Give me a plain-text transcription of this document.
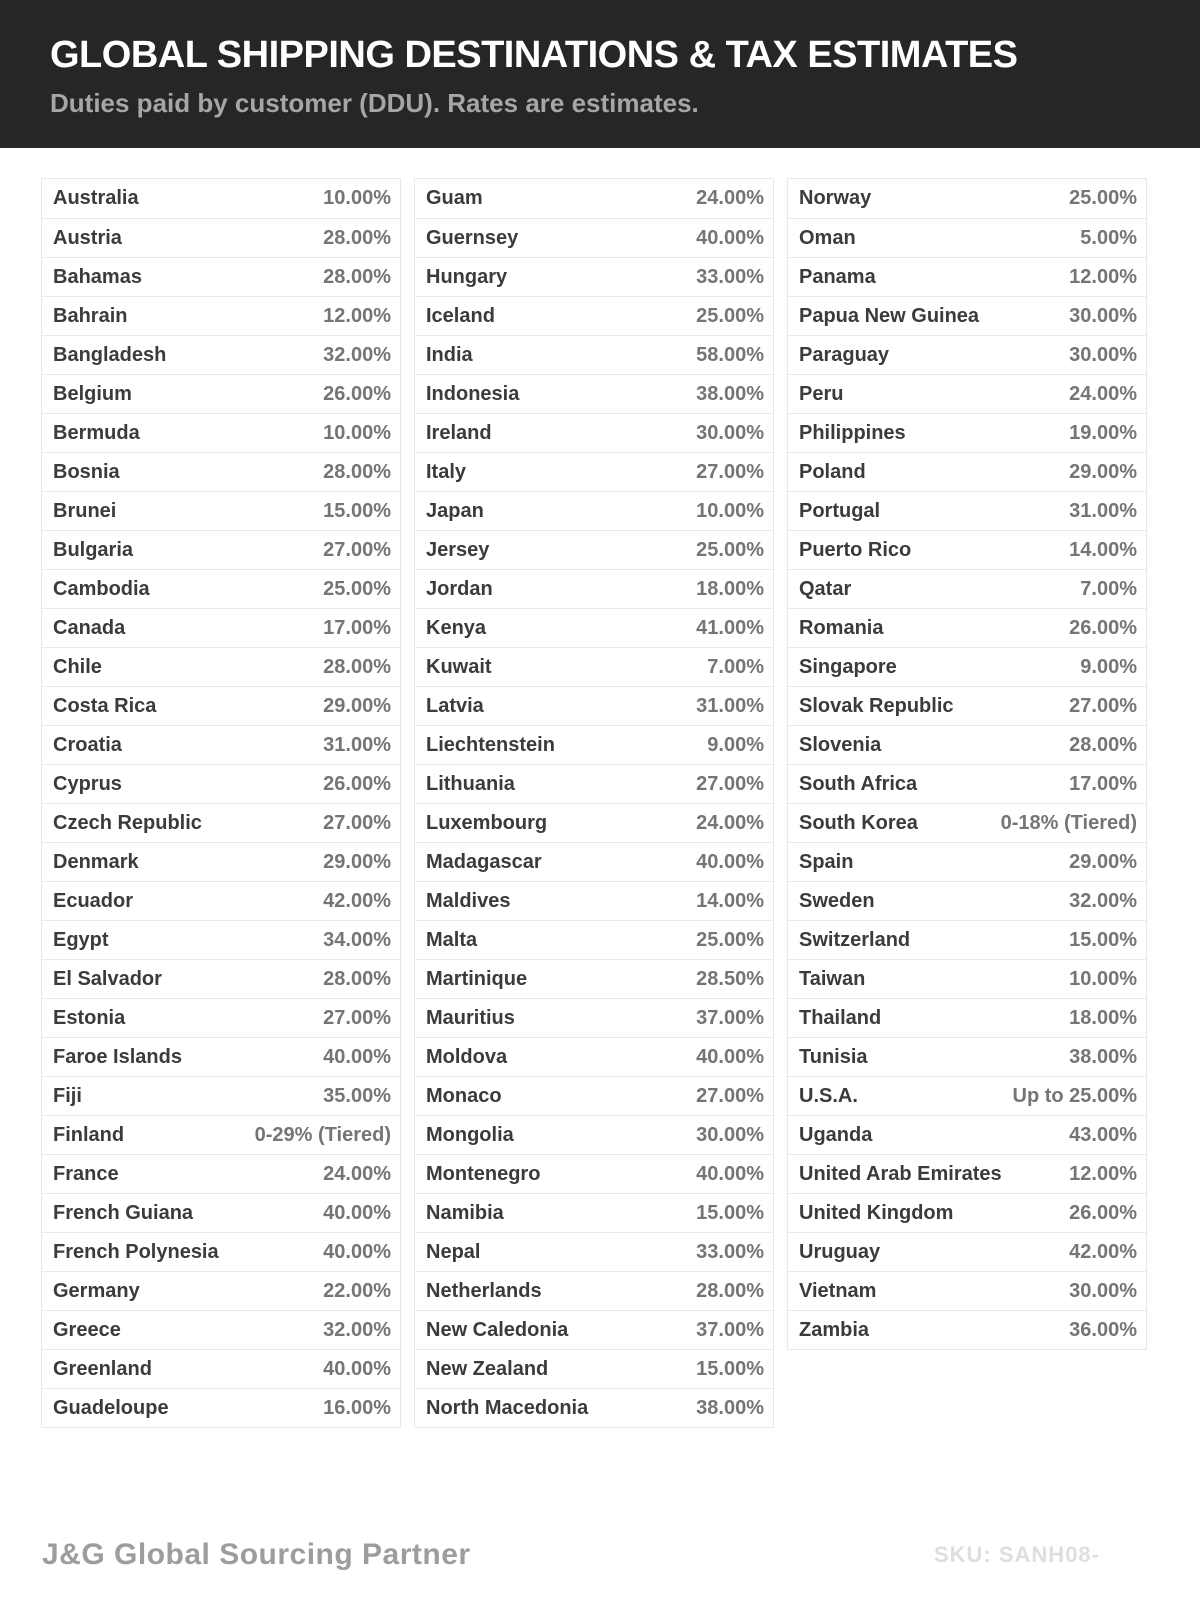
GLOBAL SHIPPING DESTINATIONS & TAX ESTIMATES
Duties paid by customer (DDU). Rates are estimates.
Australia	10.00%
Austria	28.00%
Bahamas	28.00%
Bahrain	12.00%
Bangladesh	32.00%
Belgium	26.00%
Bermuda	10.00%
Bosnia	28.00%
Brunei	15.00%
Bulgaria	27.00%
Cambodia	25.00%
Canada	17.00%
Chile	28.00%
Costa Rica	29.00%
Croatia	31.00%
Cyprus	26.00%
Czech Republic	27.00%
Denmark	29.00%
Ecuador	42.00%
Egypt	34.00%
El Salvador	28.00%
Estonia	27.00%
Faroe Islands	40.00%
Fiji	35.00%
Finland	0-29% (Tiered)
France	24.00%
French Guiana	40.00%
French Polynesia	40.00%
Germany	22.00%
Greece	32.00%
Greenland	40.00%
Guadeloupe	16.00%
Guam	24.00%
Guernsey	40.00%
Hungary	33.00%
Iceland	25.00%
India	58.00%
Indonesia	38.00%
Ireland	30.00%
Italy	27.00%
Japan	10.00%
Jersey	25.00%
Jordan	18.00%
Kenya	41.00%
Kuwait	7.00%
Latvia	31.00%
Liechtenstein	9.00%
Lithuania	27.00%
Luxembourg	24.00%
Madagascar	40.00%
Maldives	14.00%
Malta	25.00%
Martinique	28.50%
Mauritius	37.00%
Moldova	40.00%
Monaco	27.00%
Mongolia	30.00%
Montenegro	40.00%
Namibia	15.00%
Nepal	33.00%
Netherlands	28.00%
New Caledonia	37.00%
New Zealand	15.00%
North Macedonia	38.00%
Norway	25.00%
Oman	5.00%
Panama	12.00%
Papua New Guinea	30.00%
Paraguay	30.00%
Peru	24.00%
Philippines	19.00%
Poland	29.00%
Portugal	31.00%
Puerto Rico	14.00%
Qatar	7.00%
Romania	26.00%
Singapore	9.00%
Slovak Republic	27.00%
Slovenia	28.00%
South Africa	17.00%
South Korea	0-18% (Tiered)
Spain	29.00%
Sweden	32.00%
Switzerland	15.00%
Taiwan	10.00%
Thailand	18.00%
Tunisia	38.00%
U.S.A.	Up to 25.00%
Uganda	43.00%
United Arab Emirates	12.00%
United Kingdom	26.00%
Uruguay	42.00%
Vietnam	30.00%
Zambia	36.00%
J&G Global Sourcing Partner	SKU: SANH08-
